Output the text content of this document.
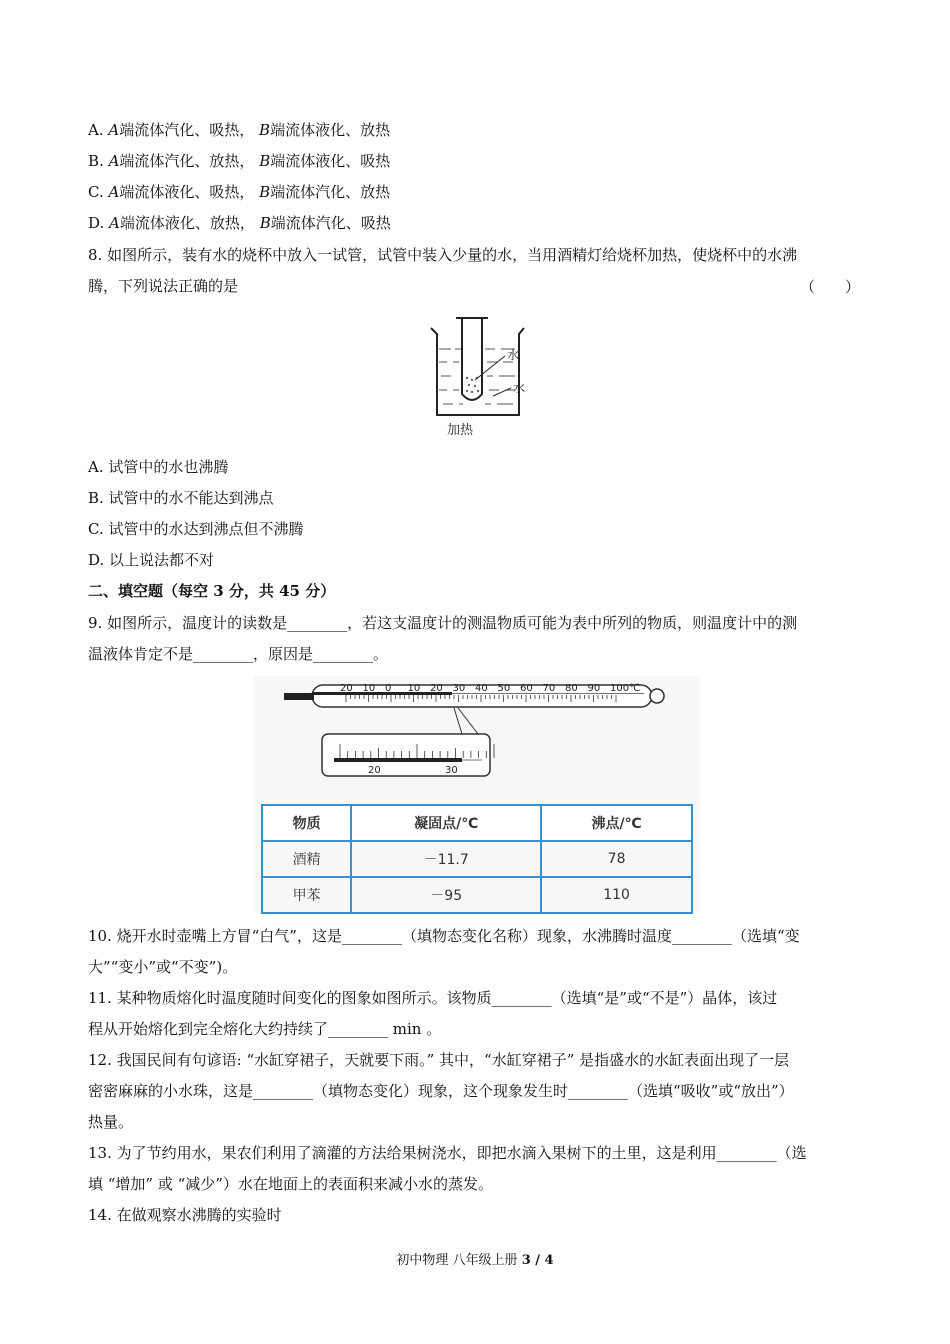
A. A端流体汽化、吸热， B端流体液化、放热
B. A端流体汽化、放热， B端流体液化、吸热
C. A端流体液化、吸热， B端流体汽化、放热
D. A端流体液化、放热， B端流体汽化、吸热
8. 如图所示，装有水的烧杯中放入一试管，试管中装入少量的水，当用酒精灯给烧杯加热，使烧杯中的水沸
腾，下列说法正确的是	（　　）
水
水
加热
A. 试管中的水也沸腾
B. 试管中的水不能达到沸点
C. 试管中的水达到沸点但不沸腾
D. 以上说法都不对
二、填空题（每空 3 分，共 45 分）
9. 如图所示，温度计的读数是________，若这支温度计的测温物质可能为表中所列的物质，则温度计中的测
温液体肯定不是________，原因是________。
20 10 0 10 20 30 40 50 60 70 80 90 100℃
20	30
物质	凝固点/℃	沸点/℃
酒精	－11.7	78
甲苯	－95	110
10. 烧开水时壶嘴上方冒“白气”，这是________（填物态变化名称）现象，水沸腾时温度________（选填“变
大”“变小”或“不变”)。
11. 某种物质熔化时温度随时间变化的图象如图所示。该物质________（选填“是”或“不是”）晶体，该过
程从开始熔化到完全熔化大约持续了________ min 。
12. 我国民间有句谚语: “水缸穿裙子，天就要下雨。” 其中，“水缸穿裙子” 是指盛水的水缸表面出现了一层
密密麻麻的小水珠，这是________（填物态变化）现象，这个现象发生时________（选填“吸收”或“放出”）
热量。
13. 为了节约用水，果农们利用了滴灌的方法给果树浇水，即把水滴入果树下的土里，这是利用________（选
填 “增加” 或 “减少”）水在地面上的表面积来减小水的蒸发。
14. 在做观察水沸腾的实验时
初中物理 八年级上册 3 / 4
